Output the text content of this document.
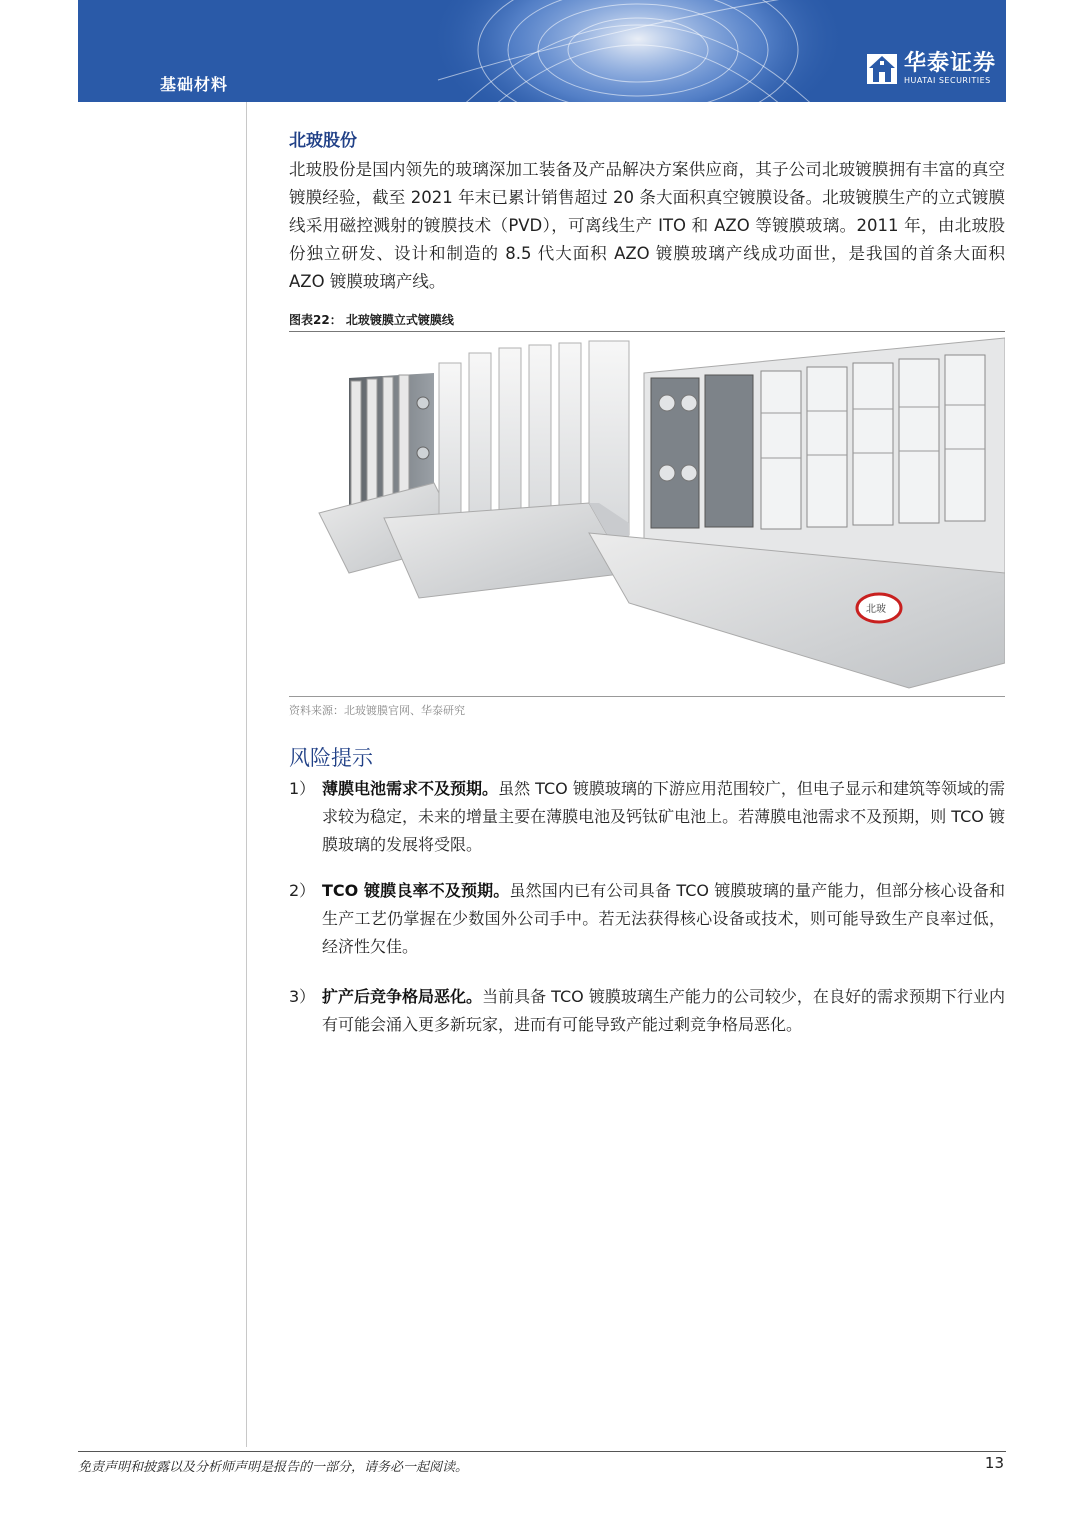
基础材料
华泰证券
HUATAI SECURITIES
北玻股份

北玻股份是国内领先的玻璃深加工装备及产品解决方案供应商，其子公司北玻镀膜拥有丰富的真空镀膜经验，截至 2021 年末已累计销售超过 20 条大面积真空镀膜设备。北玻镀膜生产的立式镀膜线采用磁控溅射的镀膜技术（PVD），可离线生产 ITO 和 AZO 等镀膜玻璃。2011 年，由北玻股份独立研发、设计和制造的 8.5 代大面积 AZO 镀膜玻璃产线成功面世，是我国的首条大面积 AZO 镀膜玻璃产线。

图表22： 北玻镀膜立式镀膜线
北玻
资料来源：北玻镀膜官网、华泰研究
风险提示
1） 薄膜电池需求不及预期。虽然 TCO 镀膜玻璃的下游应用范围较广，但电子显示和建筑等领域的需求较为稳定，未来的增量主要在薄膜电池及钙钛矿电池上。若薄膜电池需求不及预期，则 TCO 镀膜玻璃的发展将受限。
2） TCO 镀膜良率不及预期。虽然国内已有公司具备 TCO 镀膜玻璃的量产能力，但部分核心设备和生产工艺仍掌握在少数国外公司手中。若无法获得核心设备或技术，则可能导致生产良率过低，经济性欠佳。
3） 扩产后竞争格局恶化。当前具备 TCO 镀膜玻璃生产能力的公司较少，在良好的需求预期下行业内有可能会涌入更多新玩家，进而有可能导致产能过剩竞争格局恶化。
免责声明和披露以及分析师声明是报告的一部分，请务必一起阅读。	13
